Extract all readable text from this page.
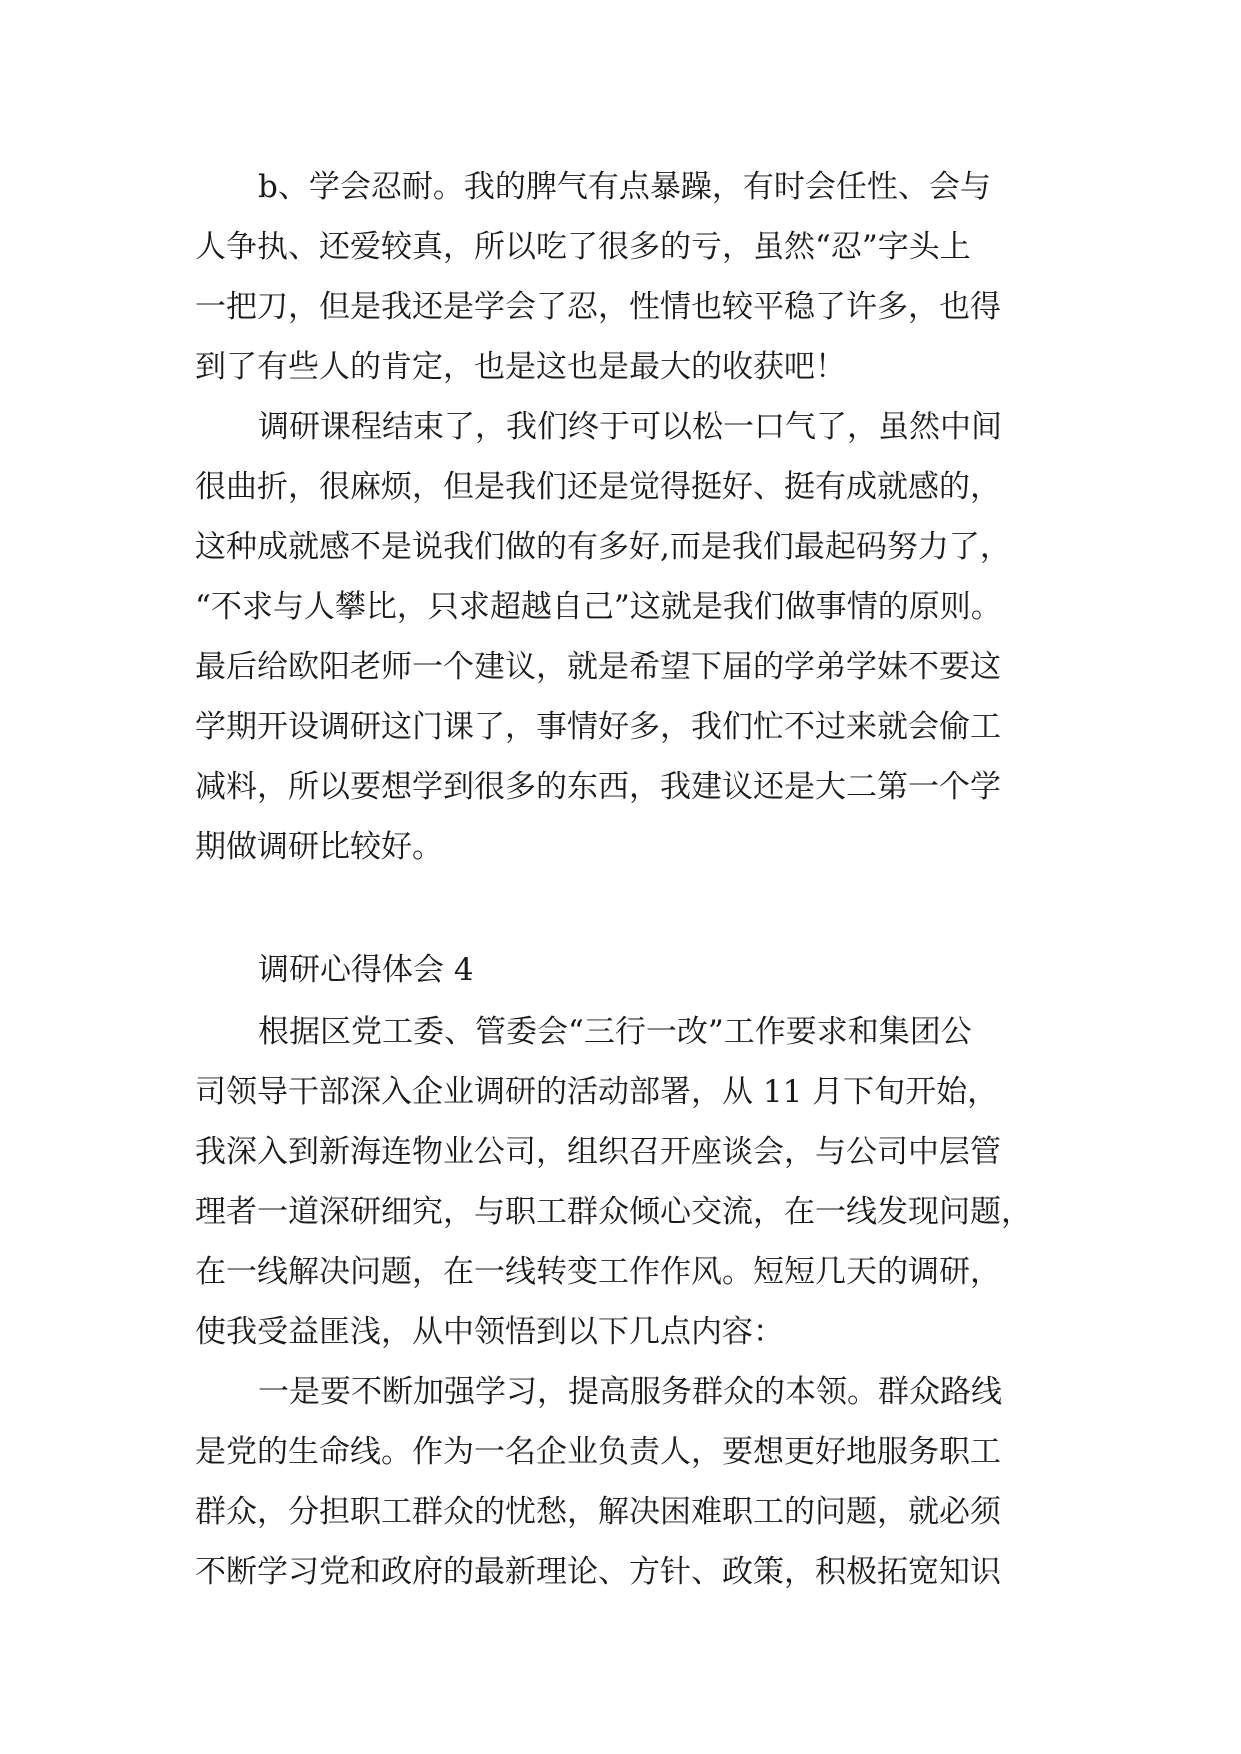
b、学会忍耐。我的脾气有点暴躁，有时会任性、会与
人争执、还爱较真，所以吃了很多的亏，虽然“忍”字头上
一把刀，但是我还是学会了忍，性情也较平稳了许多，也得
到了有些人的肯定，也是这也是最大的收获吧！
调研课程结束了，我们终于可以松一口气了，虽然中间
很曲折，很麻烦，但是我们还是觉得挺好、挺有成就感的，
这种成就感不是说我们做的有多好,而是我们最起码努力了，
“不求与人攀比，只求超越自己”这就是我们做事情的原则。
最后给欧阳老师一个建议，就是希望下届的学弟学妹不要这
学期开设调研这门课了，事情好多，我们忙不过来就会偷工
减料，所以要想学到很多的东西，我建议还是大二第一个学
期做调研比较好。
调研心得体会 4
根据区党工委、管委会“三行一改”工作要求和集团公
司领导干部深入企业调研的活动部署，从 11 月下旬开始，
我深入到新海连物业公司，组织召开座谈会，与公司中层管
理者一道深研细究，与职工群众倾心交流，在一线发现问题，
在一线解决问题，在一线转变工作作风。短短几天的调研，
使我受益匪浅，从中领悟到以下几点内容：
一是要不断加强学习，提高服务群众的本领。群众路线
是党的生命线。作为一名企业负责人，要想更好地服务职工
群众，分担职工群众的忧愁，解决困难职工的问题，就必须
不断学习党和政府的最新理论、方针、政策，积极拓宽知识
